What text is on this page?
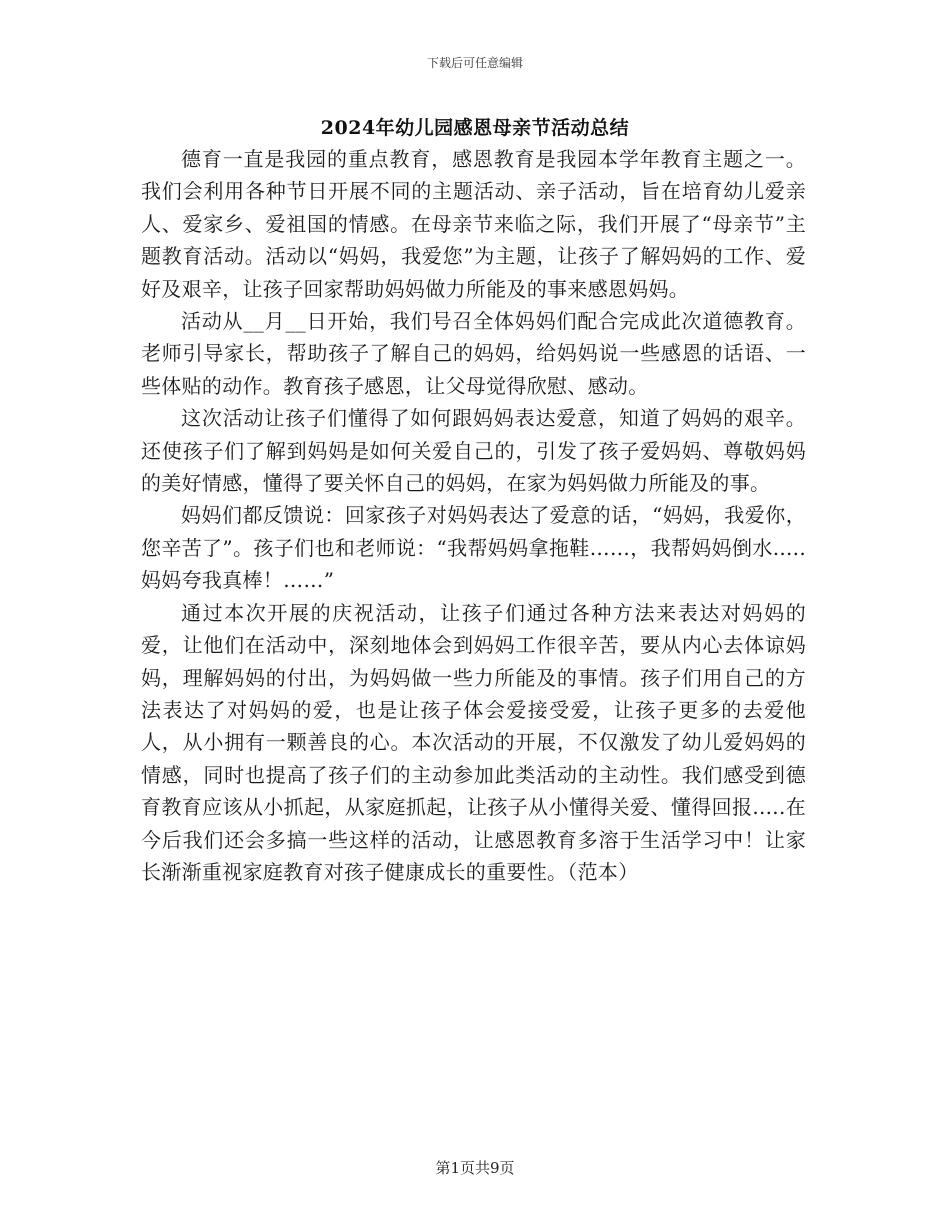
下载后可任意编辑
2024年幼儿园感恩母亲节活动总结

德育一直是我园的重点教育，感恩教育是我园本学年教育主题之一。我们会利用各种节日开展不同的主题活动、亲子活动，旨在培育幼儿爱亲人、爱家乡、爱祖国的情感。在母亲节来临之际，我们开展了“母亲节”主题教育活动。活动以“妈妈，我爱您”为主题，让孩子了解妈妈的工作、爱好及艰辛，让孩子回家帮助妈妈做力所能及的事来感恩妈妈。

活动从__月__日开始，我们号召全体妈妈们配合完成此次道德教育。老师引导家长，帮助孩子了解自己的妈妈，给妈妈说一些感恩的话语、一些体贴的动作。教育孩子感恩，让父母觉得欣慰、感动。

这次活动让孩子们懂得了如何跟妈妈表达爱意，知道了妈妈的艰辛。还使孩子们了解到妈妈是如何关爱自己的，引发了孩子爱妈妈、尊敬妈妈的美好情感，懂得了要关怀自己的妈妈，在家为妈妈做力所能及的事。

妈妈们都反馈说：回家孩子对妈妈表达了爱意的话，“妈妈，我爱你，您辛苦了”。孩子们也和老师说：“我帮妈妈拿拖鞋……，我帮妈妈倒水.....妈妈夸我真棒！……”

通过本次开展的庆祝活动，让孩子们通过各种方法来表达对妈妈的爱，让他们在活动中，深刻地体会到妈妈工作很辛苦，要从内心去体谅妈妈，理解妈妈的付出，为妈妈做一些力所能及的事情。孩子们用自己的方法表达了对妈妈的爱，也是让孩子体会爱接受爱，让孩子更多的去爱他人，从小拥有一颗善良的心。本次活动的开展，不仅激发了幼儿爱妈妈的情感，同时也提高了孩子们的主动参加此类活动的主动性。我们感受到德育教育应该从小抓起，从家庭抓起，让孩子从小懂得关爱、懂得回报.....在今后我们还会多搞一些这样的活动，让感恩教育多溶于生活学习中！让家长渐渐重视家庭教育对孩子健康成长的重要性。（范本）

第1页共9页
